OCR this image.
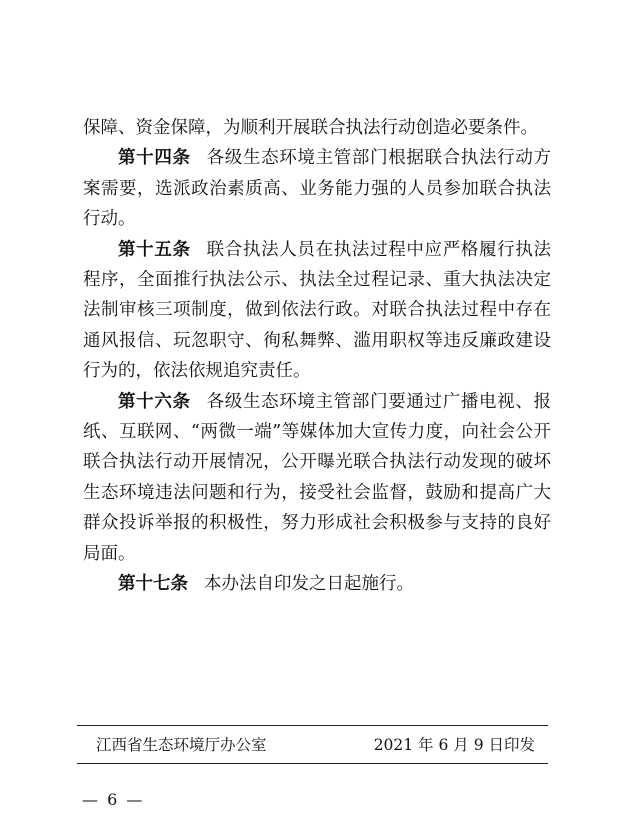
保障、资金保障，为顺利开展联合执法行动创造必要条件。

第十四条 各级生态环境主管部门根据联合执法行动方案需要，选派政治素质高、业务能力强的人员参加联合执法行动。

第十五条 联合执法人员在执法过程中应严格履行执法程序，全面推行执法公示、执法全过程记录、重大执法决定法制审核三项制度，做到依法行政。对联合执法过程中存在通风报信、玩忽职守、徇私舞弊、滥用职权等违反廉政建设行为的，依法依规追究责任。

第十六条 各级生态环境主管部门要通过广播电视、报纸、互联网、“两微一端”等媒体加大宣传力度，向社会公开联合执法行动开展情况，公开曝光联合执法行动发现的破坏生态环境违法问题和行为，接受社会监督，鼓励和提高广大群众投诉举报的积极性，努力形成社会积极参与支持的良好局面。

第十七条 本办法自印发之日起施行。

江西省生态环境厅办公室	2021 年 6 月 9 日印发
— 6 —
